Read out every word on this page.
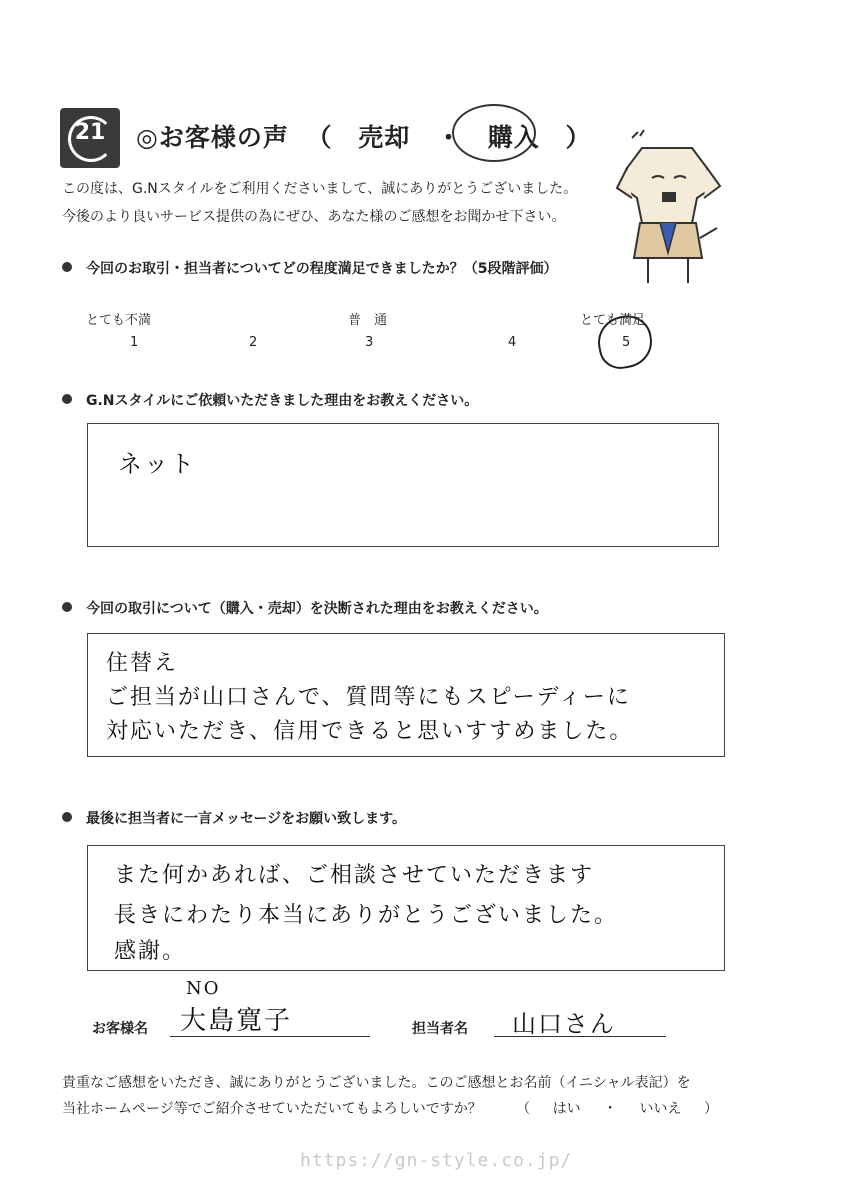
21	◎お客様の声 （ 売却 ・ 購入 ）
この度は、G.Nスタイルをご利用くださいまして、誠にありがとうございました。
今後のより良いサービス提供の為にぜひ、あなた様のご感想をお聞かせ下さい。
今回のお取引・担当者についてどの程度満足できましたか？（5段階評価）
とても不満	普　通	とても満足
1	2	3	4	5
G.Nスタイルにご依頼いただきました理由をお教えください。
ネット
今回の取引について（購入・売却）を決断された理由をお教えください。
住替え
ご担当が山口さんで、質問等にもスピーディーに
対応いただき、信用できると思いすすめました。
最後に担当者に一言メッセージをお願い致します。
また何かあれば、ご相談させていただきます
長きにわたり本当にありがとうございました。
感謝。
お客様名
NO
大島寛子	担当者名 山口さん
貴重なご感想をいただき、誠にありがとうございました。このご感想とお名前（イニシャル表記）を
当社ホームページ等でご紹介させていただいてもよろしいですか？ （ はい ・ いいえ ）
https://gn-style.co.jp/
